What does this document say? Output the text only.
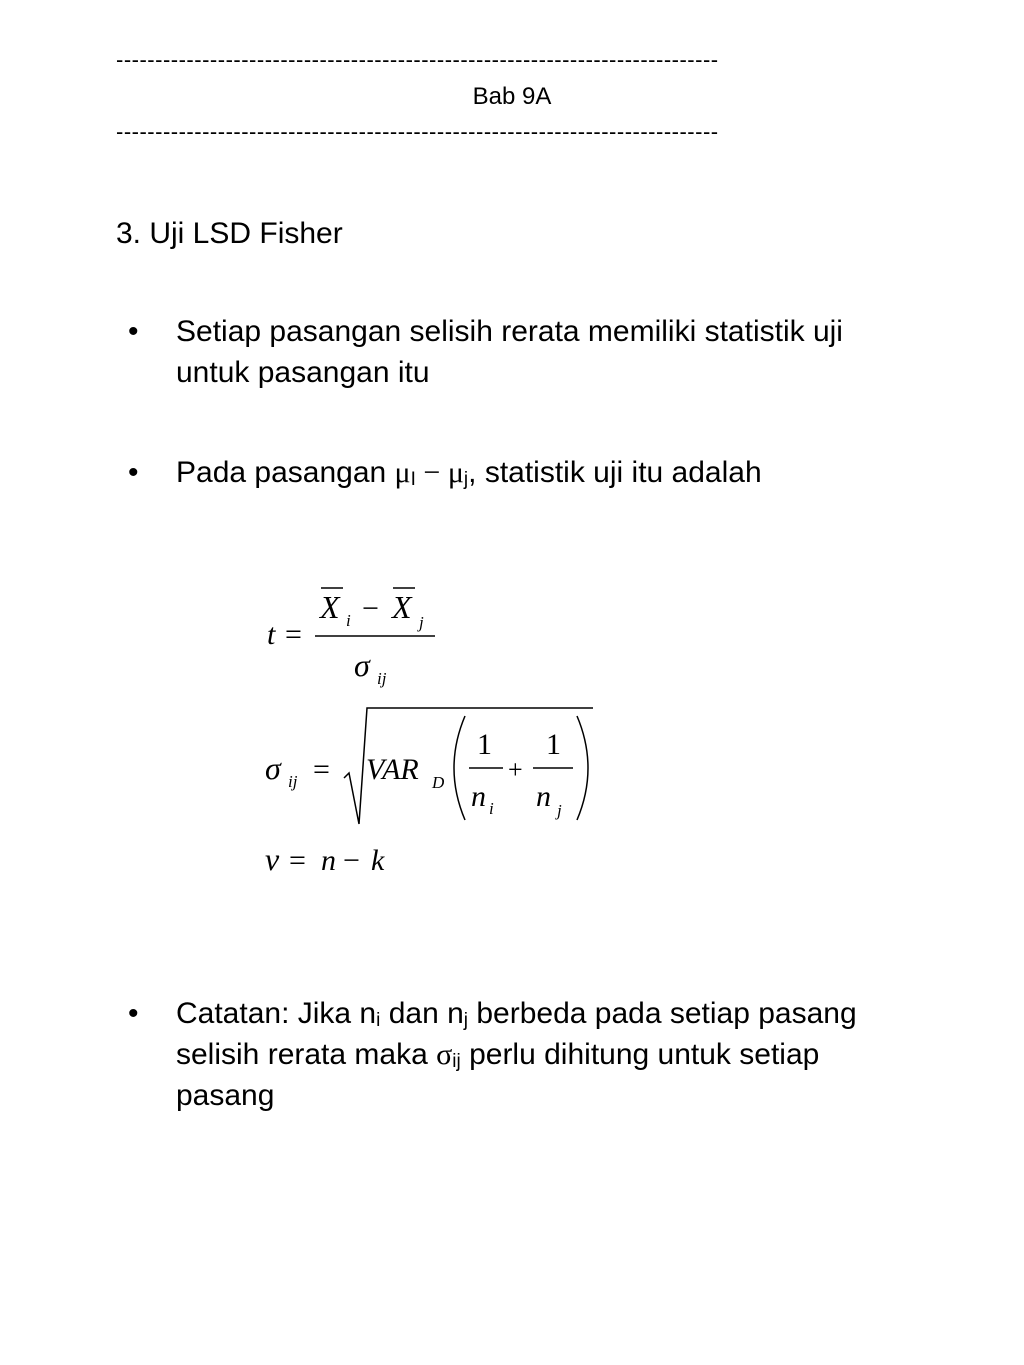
-----------------------------------------------------------------------------
Bab 9A
-----------------------------------------------------------------------------
3. Uji LSD Fisher
• Setiap pasangan selisih rerata memiliki statistik uji untuk pasangan itu
• Pada pasangan $\mu_I - \mu_j$, statistik uji itu adalah
t =
X i − X j
σ ij
σ ij = VAR D
1
n i
+
1
n j
ν = n − k
• Catatan: Jika $n_i$ dan $n_j$ berbeda pada setiap pasang selisih rerata maka $\sigma_{ij}$ perlu dihitung untuk setiap pasang
